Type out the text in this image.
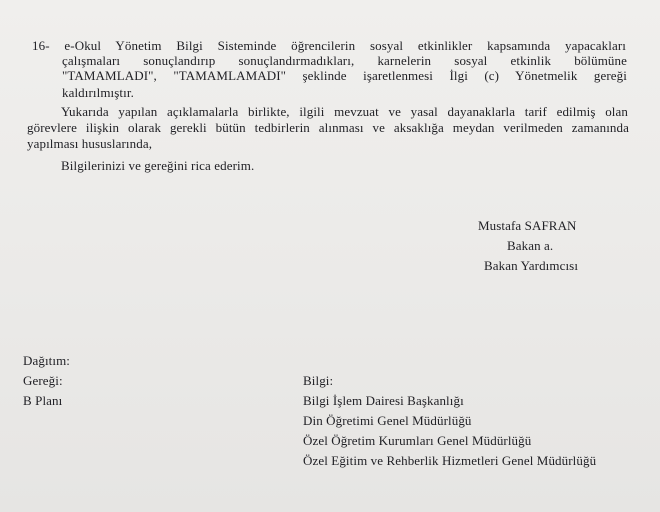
16- e-Okul Yönetim Bilgi Sisteminde öğrencilerin sosyal etkinlikler kapsamında yapacakları
çalışmaları sonuçlandırıp sonuçlandırmadıkları, karnelerin sosyal etkinlik bölümüne
"TAMAMLADI", "TAMAMLAMADI" şeklinde işaretlenmesi İlgi (c) Yönetmelik gereği
kaldırılmıştır.
Yukarıda yapılan açıklamalarla birlikte, ilgili mevzuat ve yasal dayanaklarla tarif edilmiş olan
görevlere ilişkin olarak gerekli bütün tedbirlerin alınması ve aksaklığa meydan verilmeden zamanında
yapılması hususlarında,
Bilgilerinizi ve gereğini rica ederim.
Mustafa SAFRAN
Bakan a.
Bakan Yardımcısı
Dağıtım:
Gereği:
B Planı
Bilgi:
Bilgi İşlem Dairesi Başkanlığı
Din Öğretimi Genel Müdürlüğü
Özel Öğretim Kurumları Genel Müdürlüğü
Özel Eğitim ve Rehberlik Hizmetleri Genel Müdürlüğü
